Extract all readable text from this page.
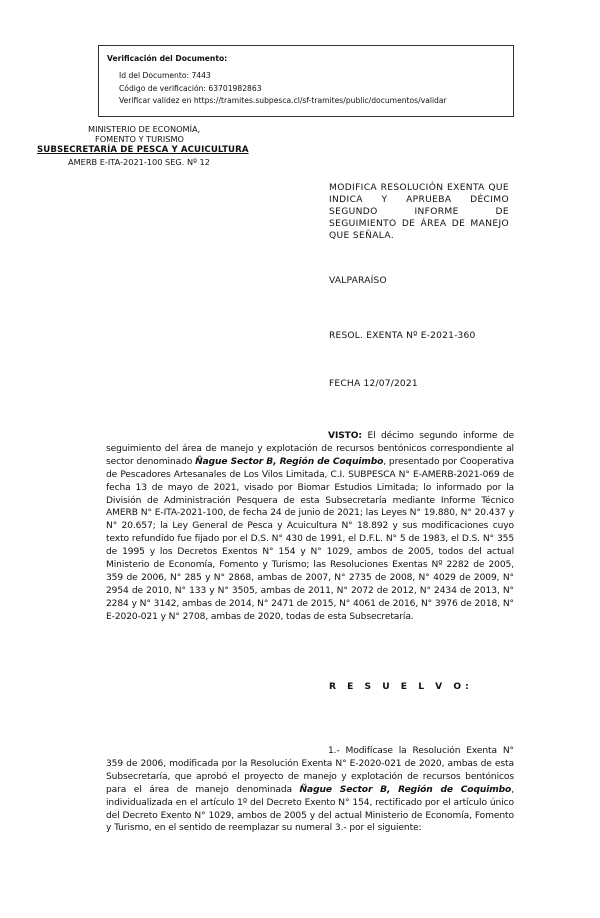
Verificación del Documento:
• Id del Documento: 7443
• Código de verificación: 63701982863
• Verificar validez en https://tramites.subpesca.cl/sf-tramites/public/documentos/validar
MINISTERIO DE ECONOMÍA,
FOMENTO Y TURISMO
SUBSECRETARÍA DE PESCA Y ACUICULTURA
AMERB E-ITA-2021-100 SEG. Nº 12
MODIFICA RESOLUCIÓN EXENTA QUE INDICA Y APRUEBA DÉCIMO SEGUNDO INFORME DE SEGUIMIENTO DE ÁREA DE MANEJO QUE SEÑALA.
VALPARAÍSO
RESOL. EXENTA Nº E-2021-360
FECHA 12/07/2021
VISTO: El décimo segundo informe de seguimiento del área de manejo y explotación de recursos bentónicos correspondiente al sector denominado Ñague Sector B, Región de Coquimbo, presentado por Cooperativa de Pescadores Artesanales de Los Vilos Limitada, C.I. SUBPESCA N° E-AMERB-2021-069 de fecha 13 de mayo de 2021, visado por Biomar Estudios Limitada; lo informado por la División de Administración Pesquera de esta Subsecretaría mediante Informe Técnico AMERB N° E-ITA-2021-100, de fecha 24 de junio de 2021; las Leyes N° 19.880, N° 20.437 y N° 20.657; la Ley General de Pesca y Acuicultura N° 18.892 y sus modificaciones cuyo texto refundido fue fijado por el D.S. N° 430 de 1991, el D.F.L. N° 5 de 1983, el D.S. N° 355 de 1995 y los Decretos Exentos N° 154 y N° 1029, ambos de 2005, todos del actual Ministerio de Economía, Fomento y Turismo; las Resoluciones Exentas Nº 2282 de 2005, 359 de 2006, N° 285 y N° 2868, ambas de 2007, N° 2735 de 2008, N° 4029 de 2009, N° 2954 de 2010, N° 133 y N° 3505, ambas de 2011, N° 2072 de 2012, N° 2434 de 2013, N° 2284 y N° 3142, ambas de 2014, N° 2471 de 2015, N° 4061 de 2016, N° 3976 de 2018, N° E-2020-021 y N° 2708, ambas de 2020, todas de esta Subsecretaría.
R E S U E L V O:
1.- Modifícase la Resolución Exenta N° 359 de 2006, modificada por la Resolución Exenta N° E-2020-021 de 2020, ambas de esta Subsecretaría, que aprobó el proyecto de manejo y explotación de recursos bentónicos para el área de manejo denominada Ñague Sector B, Región de Coquimbo, individualizada en el artículo 1º del Decreto Exento N° 154, rectificado por el artículo único del Decreto Exento N° 1029, ambos de 2005 y del actual Ministerio de Economía, Fomento y Turismo, en el sentido de reemplazar su numeral 3.- por el siguiente:
